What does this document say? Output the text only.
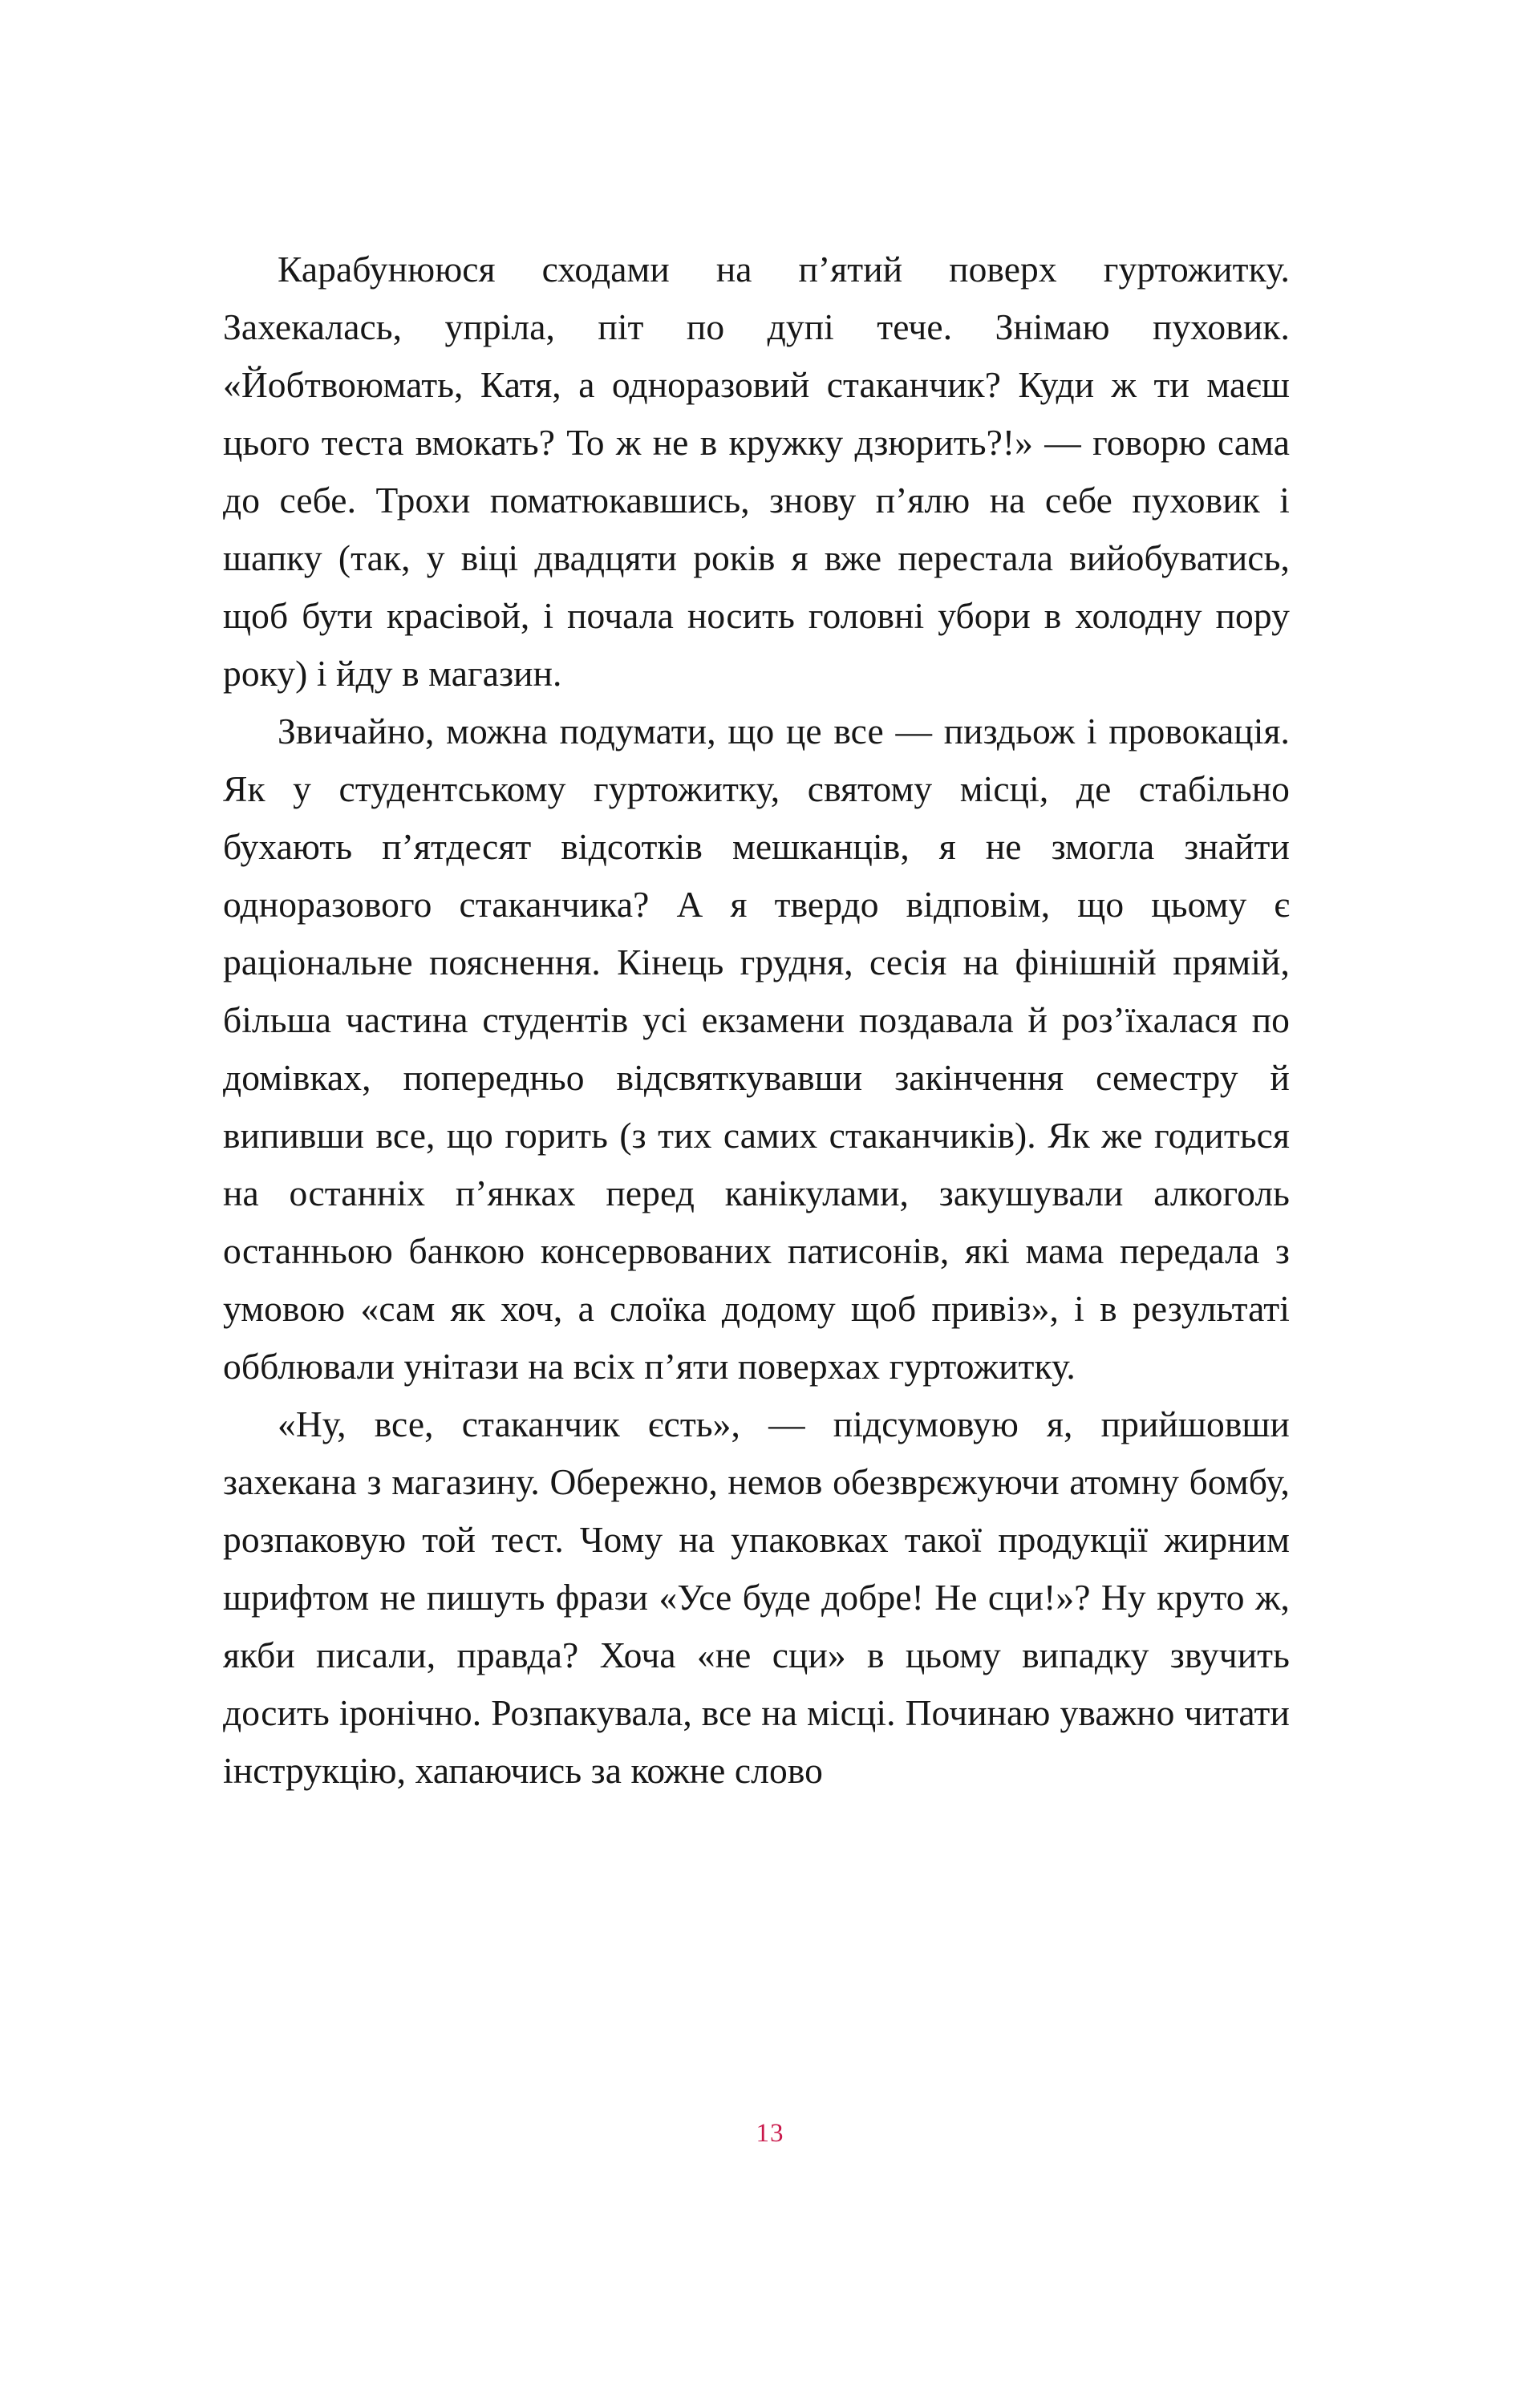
Карабунююся сходами на п’ятий поверх гуртожитку. Захекалась, упріла, піт по дупі тече. Знімаю пуховик. «Йобтвоюмать, Катя, а одноразовий стаканчик? Куди ж ти маєш цього теста вмокать? То ж не в кружку дзюрить?!» — говорю сама до себе. Трохи поматюкавшись, знову п’ялю на себе пуховик і шапку (так, у віці двадцяти років я вже перестала вийобуватись, щоб бути красівой, і почала носить головні убори в холодну пору року) і йду в магазин.

Звичайно, можна подумати, що це все — пиздьож і провокація. Як у студентському гуртожитку, святому місці, де стабільно бухають п’ятдесят відсотків мешканців, я не змогла знайти одноразового стаканчика? А я твердо відповім, що цьому є раціональне пояснення. Кінець грудня, сесія на фінішній прямій, більша частина студентів усі екзамени поздавала й роз’їхалася по домівках, попередньо відсвяткувавши закінчення семестру й випивши все, що горить (з тих самих стаканчиків). Як же годиться на останніх п’янках перед канікулами, закушували алкоголь останньою банкою консервованих патисонів, які мама передала з умовою «сам як хоч, а слоїка додому щоб привіз», і в результаті обблювали унітази на всіх п’яти поверхах гуртожитку.

«Ну, все, стаканчик єсть», — підсумовую я, прийшовши захекана з магазину. Обережно, немов обезврєжуючи атомну бомбу, розпаковую той тест. Чому на упаковках такої продукції жирним шрифтом не пишуть фрази «Усе буде добре! Не сци!»? Ну круто ж, якби писали, правда? Хоча «не сци» в цьому випадку звучить досить іронічно. Розпакувала, все на місці. Починаю уважно читати інструкцію, хапаючись за кожне слово

13
